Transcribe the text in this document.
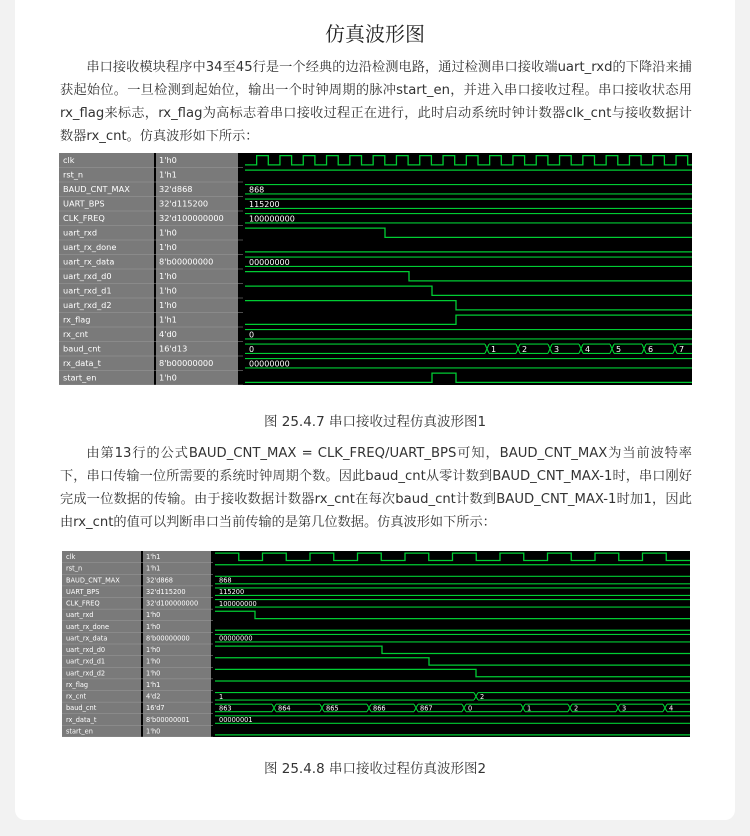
仿真波形图

串口接收模块程序中34至45行是一个经典的边沿检测电路，通过检测串口接收端uart_rxd的下降沿来捕获起始位。一旦检测到起始位，输出一个时钟周期的脉冲start_en，并进入串口接收过程。串口接收状态用rx_flag来标志，rx_flag为高标志着串口接收过程正在进行，此时启动系统时钟计数器clk_cnt与接收数据计数器rx_cnt。仿真波形如下所示：

clk	1'h0
rst_n	1'h1
BAUD_CNT_MAX	32'd868
UART_BPS	32'd115200
CLK_FREQ	32'd100000000
uart_rxd	1'h0
uart_rx_done	1'h0
uart_rx_data	8'b00000000
uart_rxd_d0	1'h0
uart_rxd_d1	1'h0
uart_rxd_d2	1'h0
rx_flag	1'h1
rx_cnt	4'd0
baud_cnt	16'd13
rx_data_t	8'b00000000
start_en	1'h0
868
115200
100000000
00000000
0
0	1	2	3	4	5	6	7
00000000
图 25.4.7 串口接收过程仿真波形图1

由第13行的公式BAUD_CNT_MAX = CLK_FREQ/UART_BPS可知，BAUD_CNT_MAX为当前波特率下，串口传输一位所需要的系统时钟周期个数。因此baud_cnt从零计数到BAUD_CNT_MAX-1时，串口刚好完成一位数据的传输。由于接收数据计数器rx_cnt在每次baud_cnt计数到BAUD_CNT_MAX-1时加1，因此由rx_cnt的值可以判断串口当前传输的是第几位数据。仿真波形如下所示：

clk	1'h1
rst_n	1'h1
BAUD_CNT_MAX	32'd868
UART_BPS	32'd115200
CLK_FREQ	32'd100000000
uart_rxd	1'h0
uart_rx_done	1'h0
uart_rx_data	8'b00000000
uart_rxd_d0	1'h0
uart_rxd_d1	1'h0
uart_rxd_d2	1'h0
rx_flag	1'h1
rx_cnt	4'd2
baud_cnt	16'd7
rx_data_t	8'b00000001
start_en	1'h0
868
115200
100000000
00000000
1	2
863	864	865	866	867	0	1	2	3	4
00000001
图 25.4.8 串口接收过程仿真波形图2
